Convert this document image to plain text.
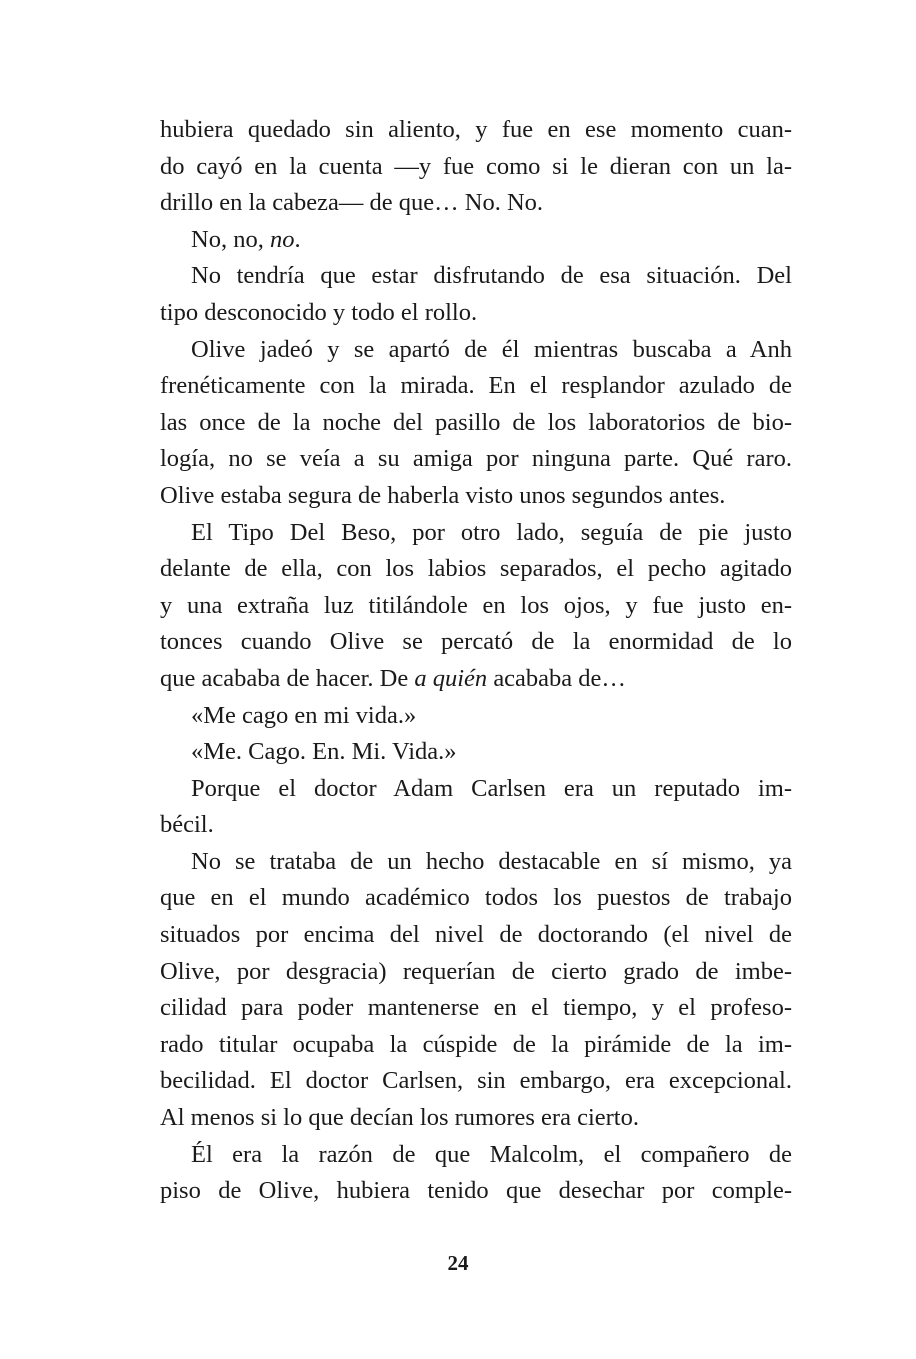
hubiera quedado sin aliento, y fue en ese momento cuan-
do cayó en la cuenta —y fue como si le dieran con un la-
drillo en la cabeza— de que… No. No.
No, no, no.
No tendría que estar disfrutando de esa situación. Del
tipo desconocido y todo el rollo.
Olive jadeó y se apartó de él mientras buscaba a Anh
frenéticamente con la mirada. En el resplandor azulado de
las once de la noche del pasillo de los laboratorios de bio-
logía, no se veía a su amiga por ninguna parte. Qué raro.
Olive estaba segura de haberla visto unos segundos antes.
El Tipo Del Beso, por otro lado, seguía de pie justo
delante de ella, con los labios separados, el pecho agitado
y una extraña luz titilándole en los ojos, y fue justo en-
tonces cuando Olive se percató de la enormidad de lo
que acababa de hacer. De a quién acababa de…
«Me cago en mi vida.»
«Me. Cago. En. Mi. Vida.»
Porque el doctor Adam Carlsen era un reputado im-
bécil.
No se trataba de un hecho destacable en sí mismo, ya
que en el mundo académico todos los puestos de trabajo
situados por encima del nivel de doctorando (el nivel de
Olive, por desgracia) requerían de cierto grado de imbe-
cilidad para poder mantenerse en el tiempo, y el profeso-
rado titular ocupaba la cúspide de la pirámide de la im-
becilidad. El doctor Carlsen, sin embargo, era excepcional.
Al menos si lo que decían los rumores era cierto.
Él era la razón de que Malcolm, el compañero de
piso de Olive, hubiera tenido que desechar por comple-
24
